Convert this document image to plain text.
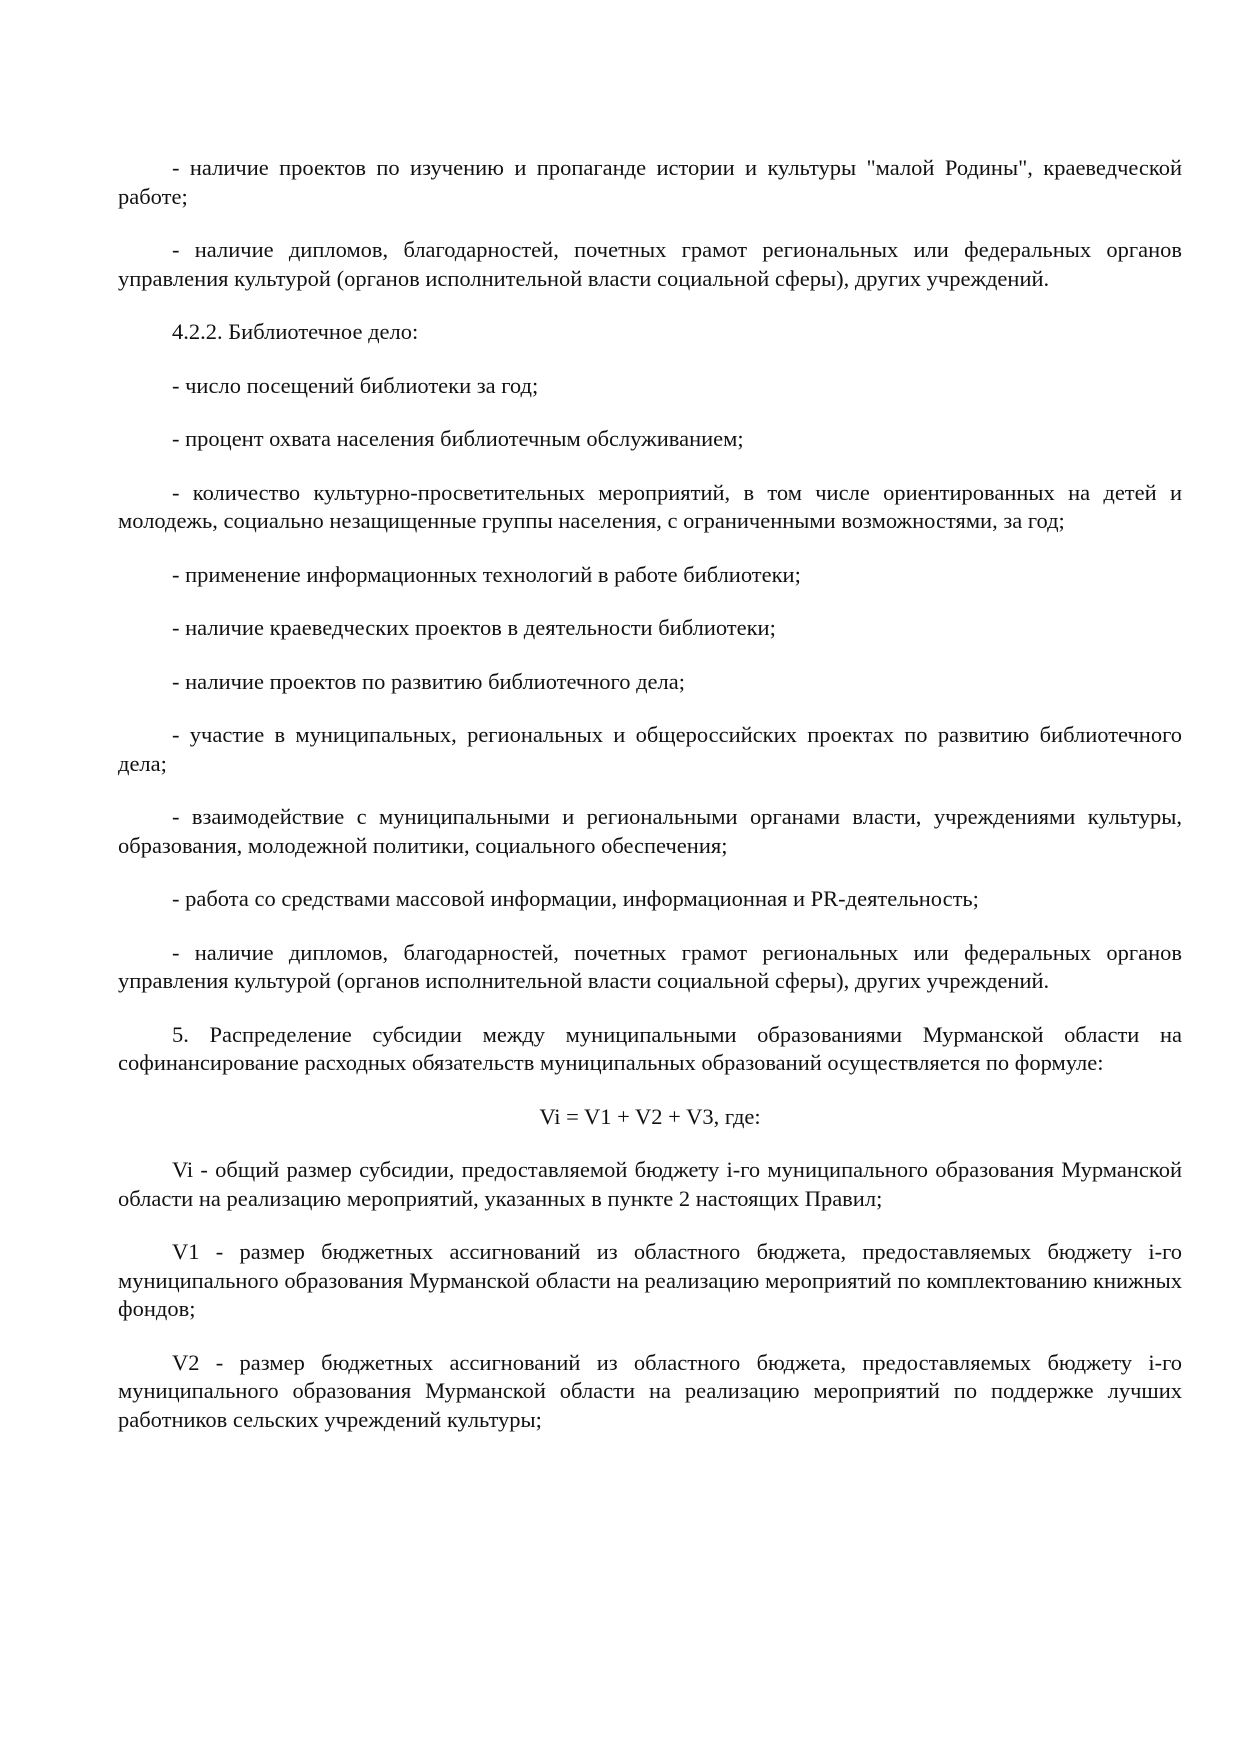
- наличие проектов по изучению и пропаганде истории и культуры "малой Родины", краеведческой работе;

- наличие дипломов, благодарностей, почетных грамот региональных или федеральных органов управления культурой (органов исполнительной власти социальной сферы), других учреждений.

4.2.2. Библиотечное дело:

- число посещений библиотеки за год;

- процент охвата населения библиотечным обслуживанием;

- количество культурно-просветительных мероприятий, в том числе ориентированных на детей и молодежь, социально незащищенные группы населения, с ограниченными возможностями, за год;

- применение информационных технологий в работе библиотеки;

- наличие краеведческих проектов в деятельности библиотеки;

- наличие проектов по развитию библиотечного дела;

- участие в муниципальных, региональных и общероссийских проектах по развитию библиотечного дела;

- взаимодействие с муниципальными и региональными органами власти, учреждениями культуры, образования, молодежной политики, социального обеспечения;

- работа со средствами массовой информации, информационная и PR-деятельность;

- наличие дипломов, благодарностей, почетных грамот региональных или федеральных органов управления культурой (органов исполнительной власти социальной сферы), других учреждений.

5. Распределение субсидии между муниципальными образованиями Мурманской области на софинансирование расходных обязательств муниципальных образований осуществляется по формуле:

Vi = V1 + V2 + V3, где:

Vi - общий размер субсидии, предоставляемой бюджету i-го муниципального образования Мурманской области на реализацию мероприятий, указанных в пункте 2 настоящих Правил;

V1 - размер бюджетных ассигнований из областного бюджета, предоставляемых бюджету i-го муниципального образования Мурманской области на реализацию мероприятий по комплектованию книжных фондов;

V2 - размер бюджетных ассигнований из областного бюджета, предоставляемых бюджету i-го муниципального образования Мурманской области на реализацию мероприятий по поддержке лучших работников сельских учреждений культуры;
